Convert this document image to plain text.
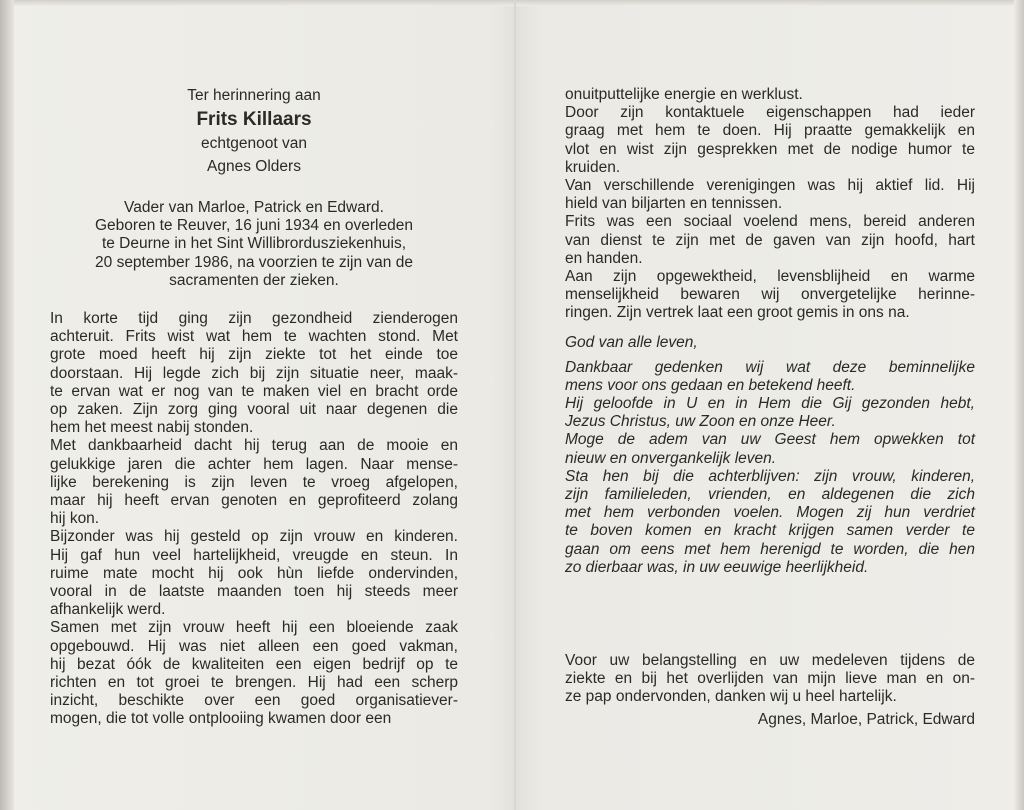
Ter herinnering aan
Frits Killaars
echtgenoot van
Agnes Olders
Vader van Marloe, Patrick en Edward.
Geboren te Reuver, 16 juni 1934 en overleden
te Deurne in het Sint Willibrordusziekenhuis,
20 september 1986, na voorzien te zijn van de
sacramenten der zieken.
In korte tijd ging zijn gezondheid zienderogen
achteruit. Frits wist wat hem te wachten stond. Met
grote moed heeft hij zijn ziekte tot het einde toe
doorstaan. Hij legde zich bij zijn situatie neer, maak-
te ervan wat er nog van te maken viel en bracht orde
op zaken. Zijn zorg ging vooral uit naar degenen die
hem het meest nabij stonden.
Met dankbaarheid dacht hij terug aan de mooie en
gelukkige jaren die achter hem lagen. Naar mense-
lijke berekening is zijn leven te vroeg afgelopen,
maar hij heeft ervan genoten en geprofiteerd zolang
hij kon.
Bijzonder was hij gesteld op zijn vrouw en kinderen.
Hij gaf hun veel hartelijkheid, vreugde en steun. In
ruime mate mocht hij ook hùn liefde ondervinden,
vooral in de laatste maanden toen hij steeds meer
afhankelijk werd.
Samen met zijn vrouw heeft hij een bloeiende zaak
opgebouwd. Hij was niet alleen een goed vakman,
hij bezat óók de kwaliteiten een eigen bedrijf op te
richten en tot groei te brengen. Hij had een scherp
inzicht, beschikte over een goed organisatiever-
mogen, die tot volle ontplooiing kwamen door een
onuitputtelijke energie en werklust.
Door zijn kontaktuele eigenschappen had ieder
graag met hem te doen. Hij praatte gemakkelijk en
vlot en wist zijn gesprekken met de nodige humor te
kruiden.
Van verschillende verenigingen was hij aktief lid. Hij
hield van biljarten en tennissen.
Frits was een sociaal voelend mens, bereid anderen
van dienst te zijn met de gaven van zijn hoofd, hart
en handen.
Aan zijn opgewektheid, levensblijheid en warme
menselijkheid bewaren wij onvergetelijke herinne-
ringen. Zijn vertrek laat een groot gemis in ons na.
God van alle leven,
Dankbaar gedenken wij wat deze beminnelijke
mens voor ons gedaan en betekend heeft.
Hij geloofde in U en in Hem die Gij gezonden hebt,
Jezus Christus, uw Zoon en onze Heer.
Moge de adem van uw Geest hem opwekken tot
nieuw en onvergankelijk leven.
Sta hen bij die achterblijven: zijn vrouw, kinderen,
zijn familieleden, vrienden, en aldegenen die zich
met hem verbonden voelen. Mogen zij hun verdriet
te boven komen en kracht krijgen samen verder te
gaan om eens met hem herenigd te worden, die hen
zo dierbaar was, in uw eeuwige heerlijkheid.
Voor uw belangstelling en uw medeleven tijdens de
ziekte en bij het overlijden van mijn lieve man en on-
ze pap ondervonden, danken wij u heel hartelijk.
Agnes, Marloe, Patrick, Edward
